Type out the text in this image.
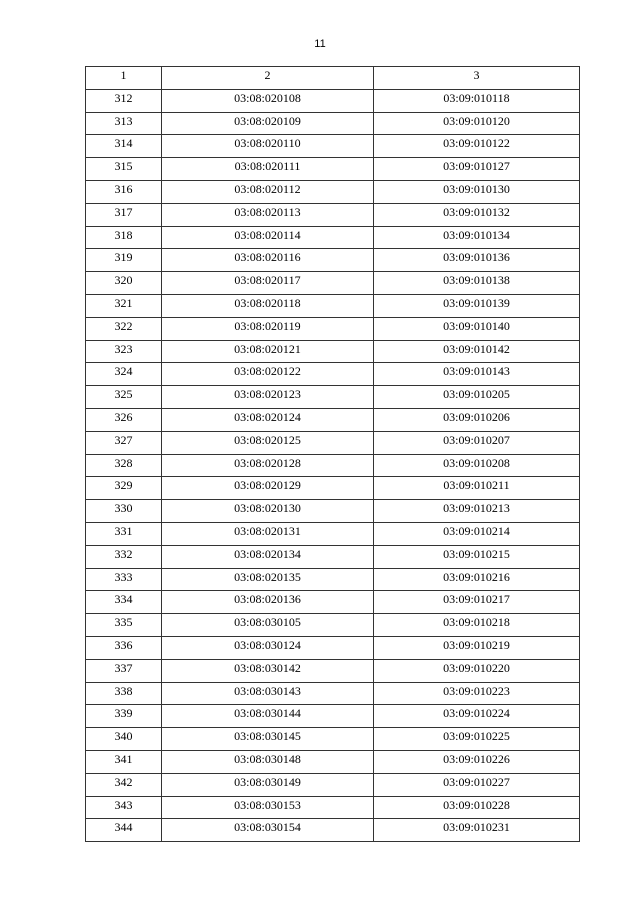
11
1	2	3
312	03:08:020108	03:09:010118
313	03:08:020109	03:09:010120
314	03:08:020110	03:09:010122
315	03:08:020111	03:09:010127
316	03:08:020112	03:09:010130
317	03:08:020113	03:09:010132
318	03:08:020114	03:09:010134
319	03:08:020116	03:09:010136
320	03:08:020117	03:09:010138
321	03:08:020118	03:09:010139
322	03:08:020119	03:09:010140
323	03:08:020121	03:09:010142
324	03:08:020122	03:09:010143
325	03:08:020123	03:09:010205
326	03:08:020124	03:09:010206
327	03:08:020125	03:09:010207
328	03:08:020128	03:09:010208
329	03:08:020129	03:09:010211
330	03:08:020130	03:09:010213
331	03:08:020131	03:09:010214
332	03:08:020134	03:09:010215
333	03:08:020135	03:09:010216
334	03:08:020136	03:09:010217
335	03:08:030105	03:09:010218
336	03:08:030124	03:09:010219
337	03:08:030142	03:09:010220
338	03:08:030143	03:09:010223
339	03:08:030144	03:09:010224
340	03:08:030145	03:09:010225
341	03:08:030148	03:09:010226
342	03:08:030149	03:09:010227
343	03:08:030153	03:09:010228
344	03:08:030154	03:09:010231
